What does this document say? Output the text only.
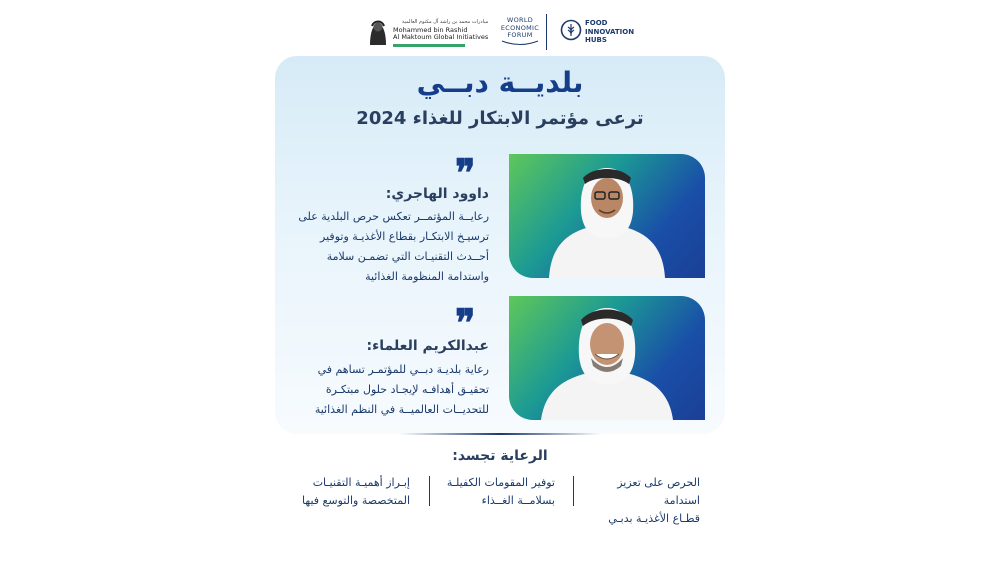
مبادرات محمد بن راشد آل مكتوم العالمية
Mohammed bin Rashid
Al Maktoum Global Initiatives
WORLD
ECONOMIC
FORUM
FOOD
INNOVATION
HUBS
بلديــة دبــي
ترعى مؤتمر الابتكار للغذاء 2024
❞
داوود الهاجري:
رعايــة المؤتمــر تعكس حرص البلدية على
ترسيـخ الابتكـار بقطاع الأغذيـة وتوفير
أحــدث التقنيـات التي تضمـن سلامة
واستدامة المنظومة الغذائية
❞
عبدالكريم العلماء:
رعاية بلديـة دبــي للمؤتمـر تساهم في
تحقيـق أهدافـه لإيجـاد حلول مبتكـرة
للتحديــات العالميــة في النظم الغذائية
الرعاية تجسد:
الحرص على تعزيز استدامة
قطـاع الأغذيـة بدبـي
توفير المقومات الكفيلـة
بسلامــة الغــذاء
إبـراز أهميـة التقنيـات
المتخصصة والتوسع فيها
